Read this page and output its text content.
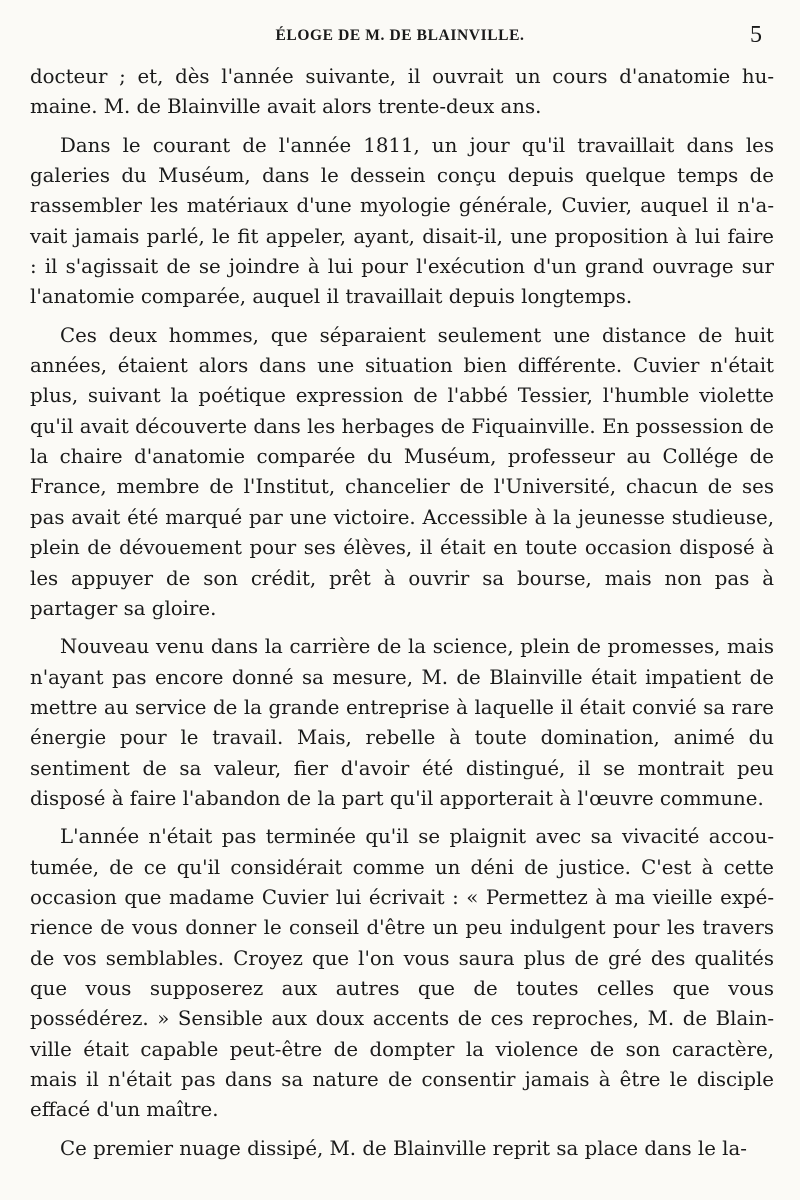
ÉLOGE DE M. DE BLAINVILLE.	5

docteur ; et, dès l'année suivante, il ouvrait un cours d'anatomie humaine. M. de Blainville avait alors trente-deux ans.

Dans le courant de l'année 1811, un jour qu'il travaillait dans les galeries du Muséum, dans le dessein conçu depuis quelque temps de rassembler les matériaux d'une myologie générale, Cuvier, auquel il n'avait jamais parlé, le fit appeler, ayant, disait-il, une proposition à lui faire : il s'agissait de se joindre à lui pour l'exécution d'un grand ouvrage sur l'anatomie comparée, auquel il travaillait depuis longtemps.

Ces deux hommes, que séparaient seulement une distance de huit années, étaient alors dans une situation bien différente. Cuvier n'était plus, suivant la poétique expression de l'abbé Tessier, l'humble violette qu'il avait découverte dans les herbages de Fiquainville. En possession de la chaire d'anatomie comparée du Muséum, professeur au Collége de France, membre de l'Institut, chancelier de l'Université, chacun de ses pas avait été marqué par une victoire. Accessible à la jeunesse studieuse, plein de dévouement pour ses élèves, il était en toute occasion disposé à les appuyer de son crédit, prêt à ouvrir sa bourse, mais non pas à partager sa gloire.

Nouveau venu dans la carrière de la science, plein de promesses, mais n'ayant pas encore donné sa mesure, M. de Blainville était impatient de mettre au service de la grande entreprise à laquelle il était convié sa rare énergie pour le travail. Mais, rebelle à toute domination, animé du sentiment de sa valeur, fier d'avoir été distingué, il se montrait peu disposé à faire l'abandon de la part qu'il apporterait à l'œuvre commune.

L'année n'était pas terminée qu'il se plaignit avec sa vivacité accoutumée, de ce qu'il considérait comme un déni de justice. C'est à cette occasion que madame Cuvier lui écrivait : « Permettez à ma vieille expérience de vous donner le conseil d'être un peu indulgent pour les travers de vos semblables. Croyez que l'on vous saura plus de gré des qualités que vous supposerez aux autres que de toutes celles que vous possédérez. » Sensible aux doux accents de ces reproches, M. de Blainville était capable peut-être de dompter la violence de son caractère, mais il n'était pas dans sa nature de consentir jamais à être le disciple effacé d'un maître.

Ce premier nuage dissipé, M. de Blainville reprit sa place dans le la-
